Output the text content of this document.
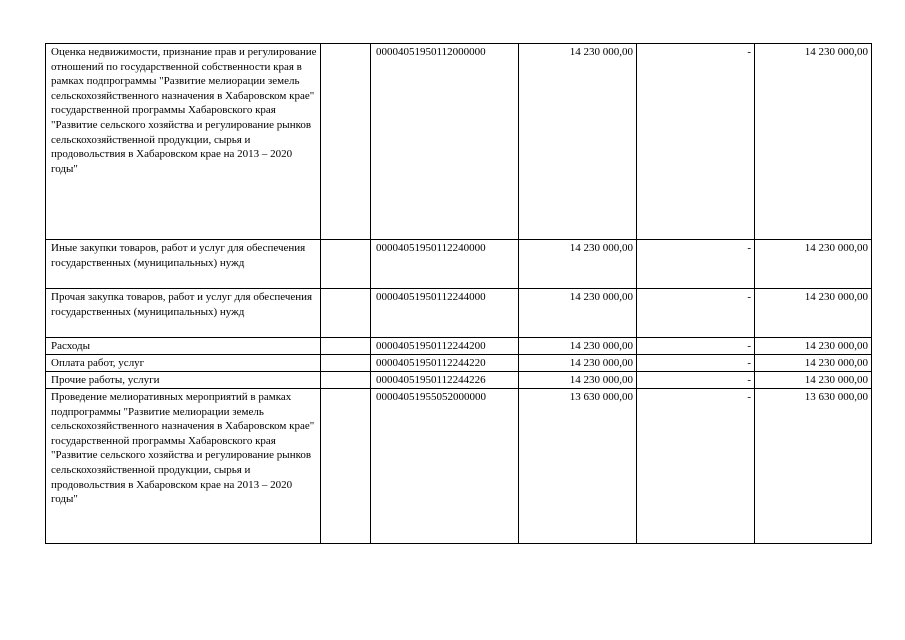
Оценка недвижимости, признание прав и регулирование отношений по государственной собственности края в рамках подпрограммы "Развитие мелиорации земель сельскохозяйственного назначения в Хабаровском крае" государственной программы Хабаровского края "Развитие сельского хозяйства и регулирование рынков сельскохозяйственной продукции, сырья и продовольствия в Хабаровском крае на 2013 – 2020 годы"		00004051950112000000	14 230 000,00	-	14 230 000,00
Иные закупки товаров, работ и услуг для обеспечения государственных (муниципальных) нужд		00004051950112240000	14 230 000,00	-	14 230 000,00
Прочая закупка товаров, работ и услуг для обеспечения государственных (муниципальных) нужд		00004051950112244000	14 230 000,00	-	14 230 000,00
Расходы		00004051950112244200	14 230 000,00	-	14 230 000,00
Оплата работ, услуг		00004051950112244220	14 230 000,00	-	14 230 000,00
Прочие работы, услуги		00004051950112244226	14 230 000,00	-	14 230 000,00
Проведение мелиоративных мероприятий в рамках подпрограммы "Развитие мелиорации земель сельскохозяйственного назначения в Хабаровском крае" государственной программы Хабаровского края "Развитие сельского хозяйства и регулирование рынков сельскохозяйственной продукции, сырья и продовольствия в Хабаровском крае на 2013 – 2020 годы"		00004051955052000000	13 630 000,00	-	13 630 000,00
